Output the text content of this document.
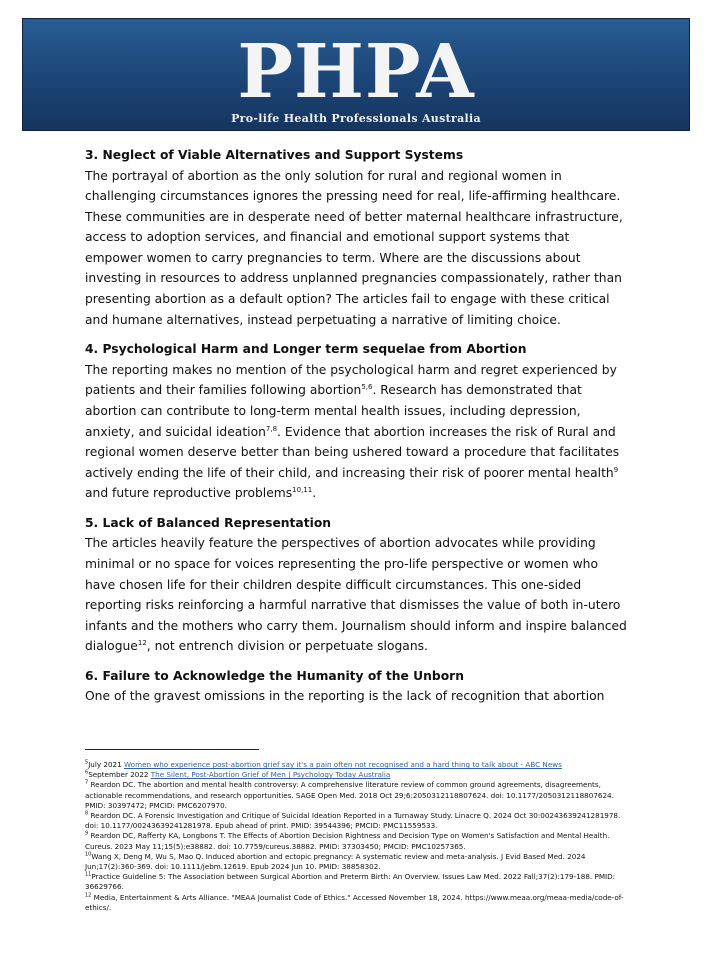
PHPA
Pro-life Health Professionals Australia
3. Neglect of Viable Alternatives and Support Systems
The portrayal of abortion as the only solution for rural and regional women in challenging circumstances ignores the pressing need for real, life-affirming healthcare. These communities are in desperate need of better maternal healthcare infrastructure, access to adoption services, and financial and emotional support systems that empower women to carry pregnancies to term. Where are the discussions about investing in resources to address unplanned pregnancies compassionately, rather than presenting abortion as a default option? The articles fail to engage with these critical and humane alternatives, instead perpetuating a narrative of limiting choice.
4. Psychological Harm and Longer term sequelae from Abortion
The reporting makes no mention of the psychological harm and regret experienced by patients and their families following abortion$^{5,6}$. Research has demonstrated that abortion can contribute to long-term mental health issues, including depression, anxiety, and suicidal ideation$^{7,8}$. Evidence that abortion increases the risk of Rural and regional women deserve better than being ushered toward a procedure that facilitates actively ending the life of their child, and increasing their risk of poorer mental health$^9$ and future reproductive problems$^{10,11}$.
5. Lack of Balanced Representation
The articles heavily feature the perspectives of abortion advocates while providing minimal or no space for voices representing the pro-life perspective or women who have chosen life for their children despite difficult circumstances. This one-sided reporting risks reinforcing a harmful narrative that dismisses the value of both in-utero infants and the mothers who carry them. Journalism should inform and inspire balanced dialogue$^{12}$, not entrench division or perpetuate slogans.
6. Failure to Acknowledge the Humanity of the Unborn
One of the gravest omissions in the reporting is the lack of recognition that abortion
$^5$July 2021 Women who experience post-abortion grief say it's a pain often not recognised and a hard thing to talk about - ABC News
$^6$September 2022 The Silent, Post-Abortion Grief of Men | Psychology Today Australia
$^7$ Reardon DC. The abortion and mental health controversy: A comprehensive literature review of common ground agreements, disagreements, actionable recommendations, and research opportunities. SAGE Open Med. 2018 Oct 29;6:2050312118807624. doi: 10.1177/2050312118807624. PMID: 30397472; PMCID: PMC6207970.
$^8$ Reardon DC. A Forensic Investigation and Critique of Suicidal Ideation Reported in a Turnaway Study. Linacre Q. 2024 Oct 30:00243639241281978. doi: 10.1177/00243639241281978. Epub ahead of print. PMID: 39544396; PMCID: PMC11559533.
$^9$ Reardon DC, Rafferty KA, Longbons T. The Effects of Abortion Decision Rightness and Decision Type on Women's Satisfaction and Mental Health. Cureus. 2023 May 11;15(5):e38882. doi: 10.7759/cureus.38882. PMID: 37303450; PMCID: PMC10257365.
$^{10}$Wang X, Deng M, Wu S, Mao Q. Induced abortion and ectopic pregnancy: A systematic review and meta-analysis. J Evid Based Med. 2024 Jun;17(2):360-369. doi: 10.1111/jebm.12619. Epub 2024 Jun 10. PMID: 38858302.
$^{11}$Practice Guideline 5: The Association between Surgical Abortion and Preterm Birth: An Overview. Issues Law Med. 2022 Fall;37(2):179-188. PMID: 36629766.
$^{12}$ Media, Entertainment & Arts Alliance. "MEAA Journalist Code of Ethics." Accessed November 18, 2024. https://www.meaa.org/meaa-media/code-of-ethics/.
